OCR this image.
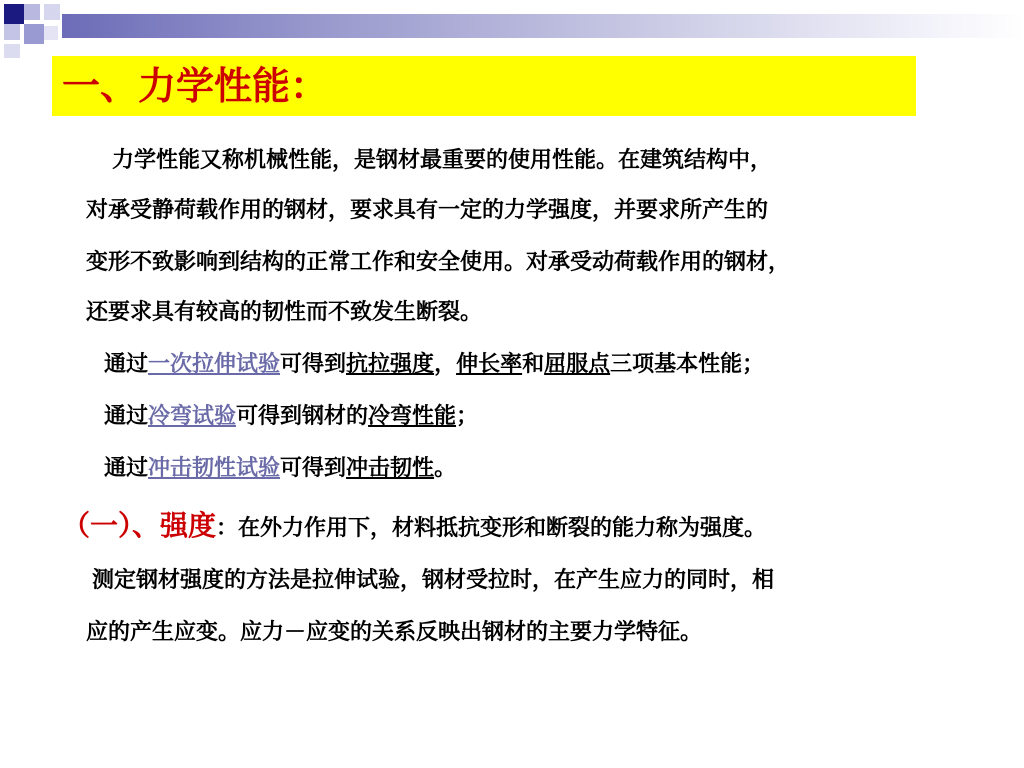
一、力学性能：
力学性能又称机械性能，是钢材最重要的使用性能。在建筑结构中，
对承受静荷载作用的钢材，要求具有一定的力学强度，并要求所产生的
变形不致影响到结构的正常工作和安全使用。对承受动荷载作用的钢材，
还要求具有较高的韧性而不致发生断裂。
通过一次拉伸试验可得到抗拉强度，伸长率和屈服点三项基本性能；
通过冷弯试验可得到钢材的冷弯性能；
通过冲击韧性试验可得到冲击韧性。
（一）、强度：在外力作用下，材料抵抗变形和断裂的能力称为强度。
测定钢材强度的方法是拉伸试验，钢材受拉时，在产生应力的同时，相
应的产生应变。应力－应变的关系反映出钢材的主要力学特征。
